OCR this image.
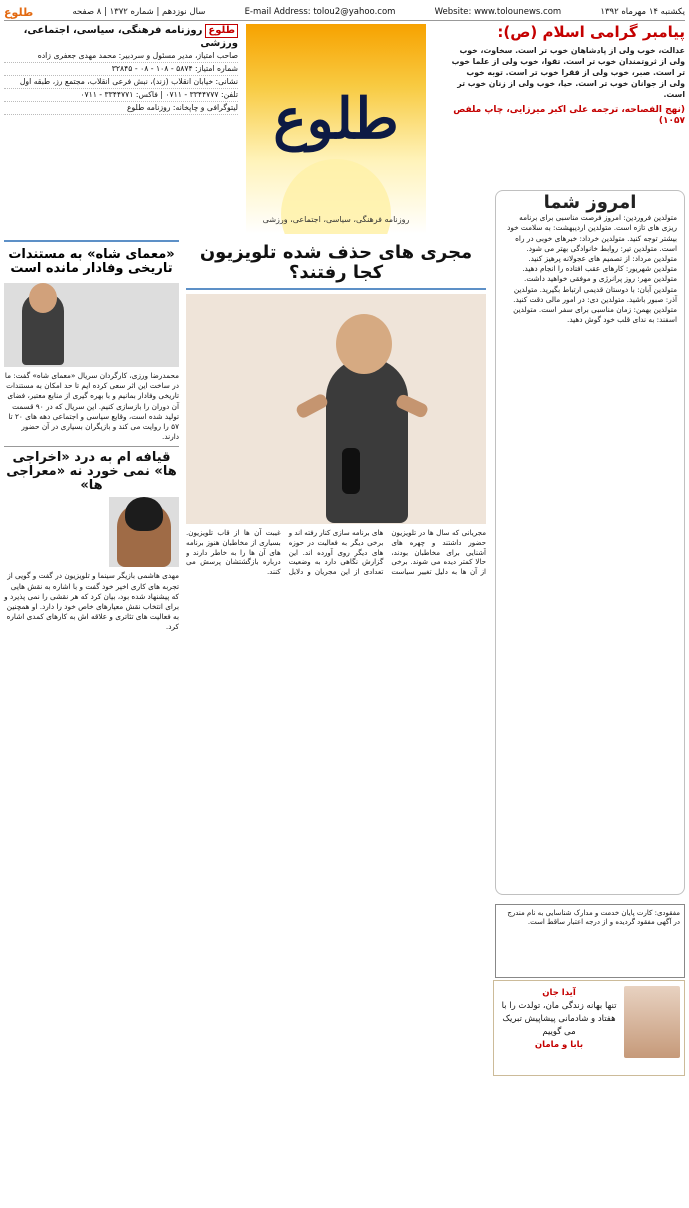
یکشنبه ۱۴ مهرماه ۱۳۹۲
Website: www.tolounews.com
E-mail Address: tolou2@yahoo.com
سال نوزدهم | شماره ۱۳۷۲ | ۸ صفحه
طلوع
پیامبر گرامی اسلام (ص):
عدالت، خوب ولی از پادشاهان خوب تر است. سخاوت، خوب ولی از ثروتمندان خوب تر است. تقوا، خوب ولی از علما خوب تر است. صبر، خوب ولی از فقرا خوب تر است. توبه خوب ولی از جوانان خوب تر است. حیا، خوب ولی از زنان خوب تر است.
(نهج الفصاحه، ترجمه علی اکبر میرزایی، چاپ ملفص ۱۰۵۷)
طلوع
روزنامه فرهنگی، سیاسی، اجتماعی، ورزشی
طلوعروزنامه فرهنگی، سیاسی، اجتماعی، ورزشی
صاحب امتیاز، مدیر مسئول و سردبیر: محمد مهدی جعفری زاده
شماره امتیاز: ۵۸۷۴ - ۱۰۸ - ۰۸ - ۳۲۸۴۵
نشانی: خیابان انقلاب (زند)، نبش فرعی انقلاب، مجتمع رز، طبقه اول
تلفن: ۳۳۴۴۷۷۷ - ۰۷۱۱ | فاکس: ۳۳۴۴۷۷۱ - ۰۷۱۱
لیتوگرافی و چاپخانه: روزنامه طلوع
«معمای شاه» به مستندات تاریخی وفادار مانده است
محمدرضا ورزی، کارگردان سریال «معمای شاه» گفت: ما در ساخت این اثر سعی کرده ایم تا حد امکان به مستندات تاریخی وفادار بمانیم و با بهره گیری از منابع معتبر، فضای آن دوران را بازسازی کنیم. این سریال که در ۹۰ قسمت تولید شده است، وقایع سیاسی و اجتماعی دهه های ۲۰ تا ۵۷ را روایت می کند و بازیگران بسیاری در آن حضور دارند.
قیافه ام به درد «اخراجی ها» نمی خورد نه «معراجی ها»
مهدی هاشمی بازیگر سینما و تلویزیون در گفت و گویی از تجربه های کاری اخیر خود گفت و با اشاره به نقش هایی که پیشنهاد شده بود، بیان کرد که هر نقشی را نمی پذیرد و برای انتخاب نقش معیارهای خاص خود را دارد. او همچنین به فعالیت های تئاتری و علاقه اش به کارهای کمدی اشاره کرد.
مجری های حذف شده تلویزیون کجا رفتند؟
مجریانی که سال ها در تلویزیون حضور داشتند و چهره های آشنایی برای مخاطبان بودند، حالا کمتر دیده می شوند. برخی از آن ها به دلیل تغییر سیاست های برنامه سازی کنار رفته اند و برخی دیگر به فعالیت در حوزه های دیگر روی آورده اند. این گزارش نگاهی دارد به وضعیت تعدادی از این مجریان و دلایل غیبت آن ها از قاب تلویزیون. بسیاری از مخاطبان هنوز برنامه های آن ها را به خاطر دارند و درباره بازگشتشان پرسش می کنند.
امروز شما
متولدین فروردین: امروز فرصت مناسبی برای برنامه ریزی های تازه است. متولدین اردیبهشت: به سلامت خود بیشتر توجه کنید. متولدین خرداد: خبرهای خوبی در راه است. متولدین تیر: روابط خانوادگی بهتر می شود. متولدین مرداد: از تصمیم های عجولانه پرهیز کنید. متولدین شهریور: کارهای عقب افتاده را انجام دهید. متولدین مهر: روز پرانرژی و موفقی خواهید داشت. متولدین آبان: با دوستان قدیمی ارتباط بگیرید. متولدین آذر: صبور باشید. متولدین دی: در امور مالی دقت کنید. متولدین بهمن: زمان مناسبی برای سفر است. متولدین اسفند: به ندای قلب خود گوش دهید.
مفقودی: کارت پایان خدمت و مدارک شناسایی به نام مندرج در آگهی مفقود گردیده و از درجه اعتبار ساقط است.
آیدا جان
تنها بهانه زندگی مان، تولدت را با هفتاد و شادمانی پیشاپیش تبریک می گوییم
بابا و مامان
